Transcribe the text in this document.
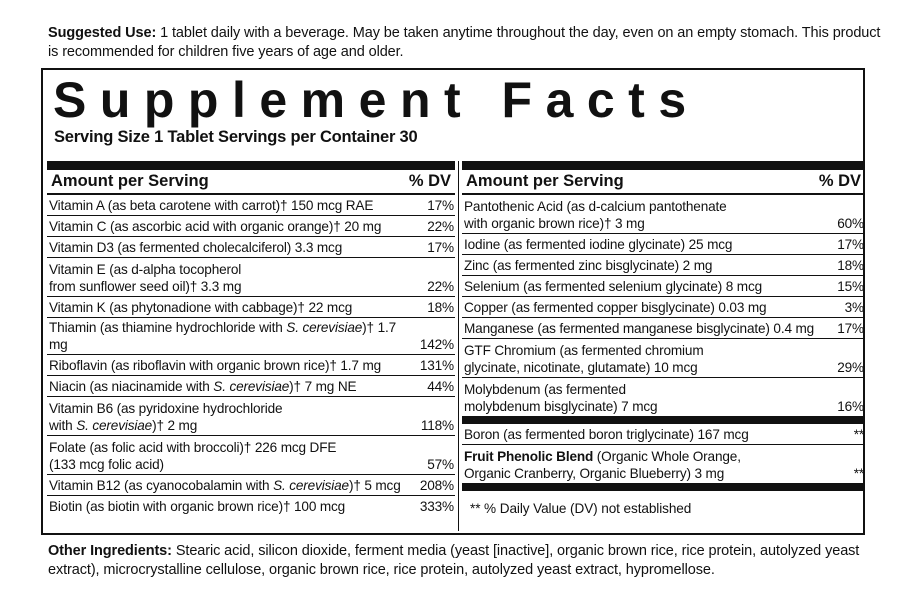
Suggested Use: 1 tablet daily with a beverage. May be taken anytime throughout the day, even on an empty stomach. This product is recommended for children five years of age and older.
Supplement Facts
Serving Size 1 Tablet Servings per Container 30
Amount per Serving	% DV
Vitamin A (as beta carotene with carrot)† 150 mcg RAE	17%
Vitamin C (as ascorbic acid with organic orange)† 20 mg	22%
Vitamin D3 (as fermented cholecalciferol) 3.3 mcg	17%
Vitamin E (as d-alpha tocopherol
from sunflower seed oil)† 3.3 mg	22%
Vitamin K (as phytonadione with cabbage)† 22 mcg	18%
Thiamin (as thiamine hydrochloride with S. cerevisiae)† 1.7 mg	142%
Riboflavin (as riboflavin with organic brown rice)† 1.7 mg	131%
Niacin (as niacinamide with S. cerevisiae)† 7 mg NE	44%
Vitamin B6 (as pyridoxine hydrochloride
with S. cerevisiae)† 2 mg	118%
Folate (as folic acid with broccoli)† 226 mcg DFE
(133 mcg folic acid)	57%
Vitamin B12 (as cyanocobalamin with S. cerevisiae)† 5 mcg	208%
Biotin (as biotin with organic brown rice)† 100 mcg	333%
Amount per Serving	% DV
Pantothenic Acid (as d-calcium pantothenate
with organic brown rice)† 3 mg	60%
Iodine (as fermented iodine glycinate) 25 mcg	17%
Zinc (as fermented zinc bisglycinate) 2 mg	18%
Selenium (as fermented selenium glycinate) 8 mcg	15%
Copper (as fermented copper bisglycinate) 0.03 mg	3%
Manganese (as fermented manganese bisglycinate) 0.4 mg	17%
GTF Chromium (as fermented chromium
glycinate, nicotinate, glutamate) 10 mcg	29%
Molybdenum (as fermented
molybdenum bisglycinate) 7 mcg	16%
Boron (as fermented boron triglycinate) 167 mcg	**
Fruit Phenolic Blend (Organic Whole Orange,
Organic Cranberry, Organic Blueberry) 3 mg	**
** % Daily Value (DV) not established
Other Ingredients: Stearic acid, silicon dioxide, ferment media (yeast [inactive], organic brown rice, rice protein, autolyzed yeast extract), microcrystalline cellulose, organic brown rice, rice protein, autolyzed yeast extract, hypromellose.
